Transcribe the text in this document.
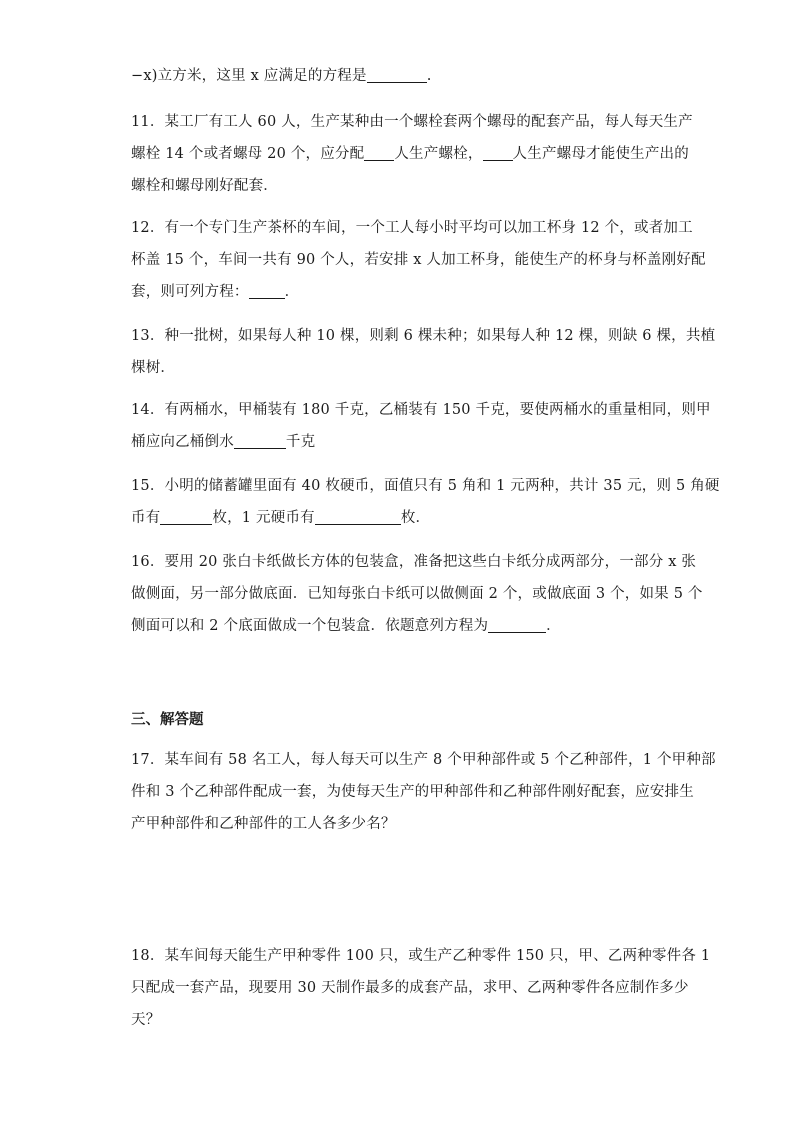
−x)立方米，这里 x 应满足的方程是	.
11．某工厂有工人 60 人，生产某种由一个螺栓套两个螺母的配套产品，每人每天生产
螺栓 14 个或者螺母 20 个，应分配 人生产螺栓， 人生产螺母才能使生产出的
螺栓和螺母刚好配套．
12．有一个专门生产茶杯的车间，一个工人每小时平均可以加工杯身 12 个，或者加工
杯盖 15 个，车间一共有 90 个人，若安排 x 人加工杯身，能使生产的杯身与杯盖刚好配
套，则可列方程： ．
13．种一批树，如果每人种 10 棵，则剩 6 棵未种；如果每人种 12 棵，则缺 6 棵，共植
棵树．
14．有两桶水，甲桶装有 180 千克，乙桶装有 150 千克，要使两桶水的重量相同，则甲
桶应向乙桶倒水	千克
15．小明的储蓄罐里面有 40 枚硬币，面值只有 5 角和 1 元两种，共计 35 元，则 5 角硬
币有	枚，1 元硬币有	枚．
16．要用 20 张白卡纸做长方体的包装盒，准备把这些白卡纸分成两部分，一部分 x 张
做侧面，另一部分做底面．已知每张白卡纸可以做侧面 2 个，或做底面 3 个，如果 5 个
侧面可以和 2 个底面做成一个包装盒．依题意列方程为	．
三、解答题
17．某车间有 58 名工人，每人每天可以生产 8 个甲种部件或 5 个乙种部件，1 个甲种部
件和 3 个乙种部件配成一套，为使每天生产的甲种部件和乙种部件刚好配套，应安排生
产甲种部件和乙种部件的工人各多少名？
18．某车间每天能生产甲种零件 100 只，或生产乙种零件 150 只，甲、乙两种零件各 1
只配成一套产品，现要用 30 天制作最多的成套产品，求甲、乙两种零件各应制作多少
天？
